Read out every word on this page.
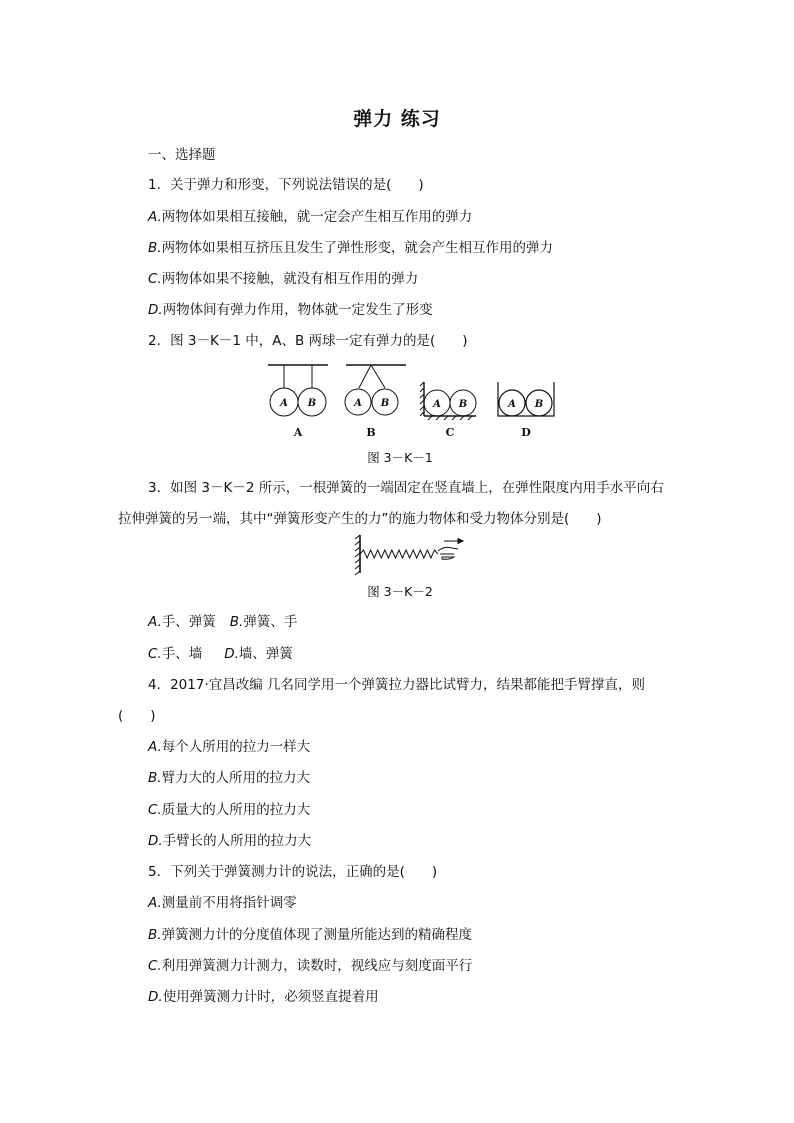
弹力 练习
一、选择题
1．关于弹力和形变，下列说法错误的是(　　)
A.两物体如果相互接触，就一定会产生相互作用的弹力
B.两物体如果相互挤压且发生了弹性形变，就会产生相互作用的弹力
C.两物体如果不接触，就没有相互作用的弹力
D.两物体间有弹力作用，物体就一定发生了形变
2．图 3－K－1 中，A、B 两球一定有弹力的是(　　)
A B	A B	A B	A B
A	B	C	D
图 3－K－1
3．如图 3－K－2 所示，一根弹簧的一端固定在竖直墙上，在弹性限度内用手水平向右
拉伸弹簧的另一端，其中“弹簧形变产生的力”的施力物体和受力物体分别是(　　)
图 3－K－2
A.手、弹簧 B.弹簧、手
C.手、墙 D.墙、弹簧
4．2017·宜昌改编 几名同学用一个弹簧拉力器比试臂力，结果都能把手臂撑直，则
(　　)
A.每个人所用的拉力一样大
B.臂力大的人所用的拉力大
C.质量大的人所用的拉力大
D.手臂长的人所用的拉力大
5．下列关于弹簧测力计的说法，正确的是(　　)
A.测量前不用将指针调零
B.弹簧测力计的分度值体现了测量所能达到的精确程度
C.利用弹簧测力计测力，读数时，视线应与刻度面平行
D.使用弹簧测力计时，必须竖直提着用
